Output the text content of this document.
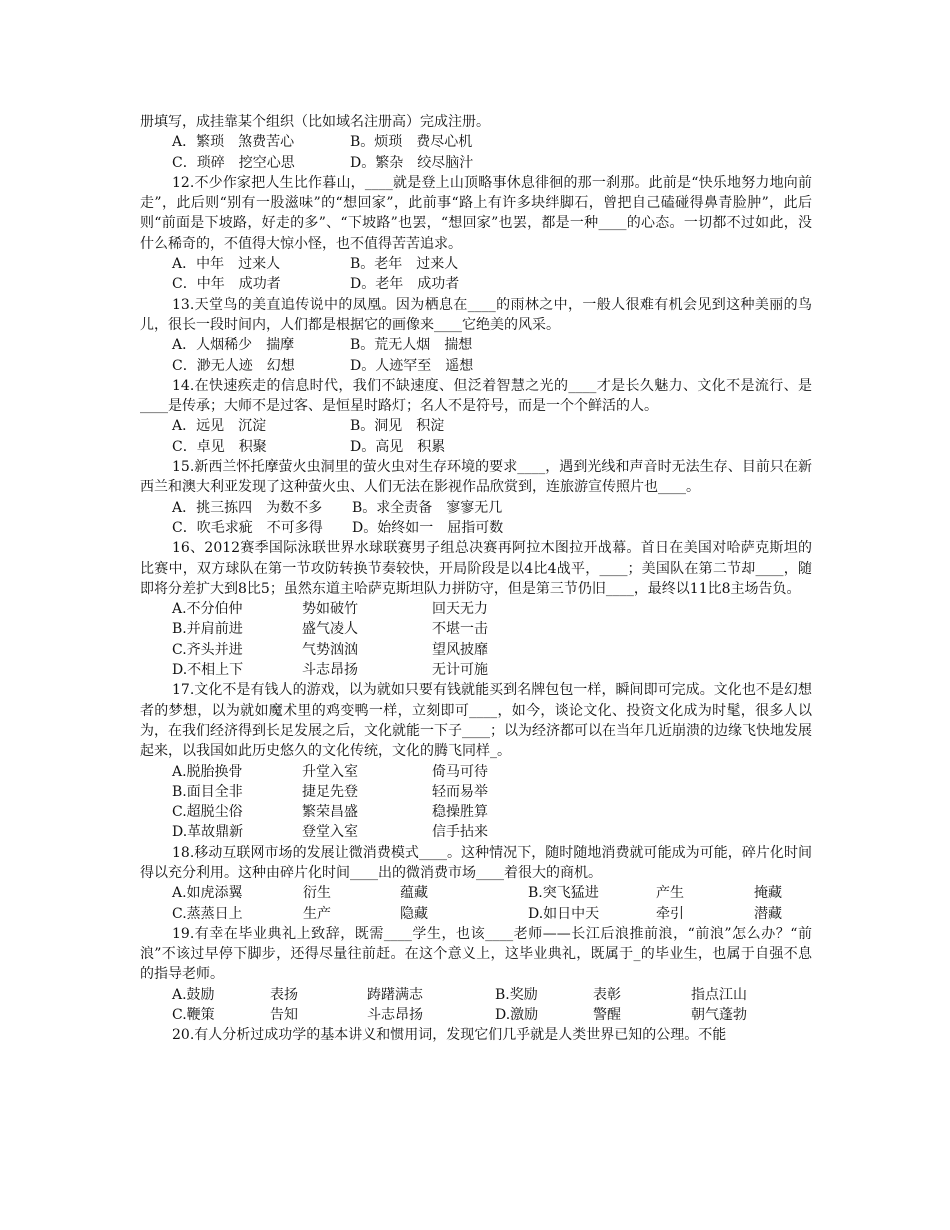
册填写，成挂靠某个组织（比如域名注册高）完成注册。

A．繁琐　煞费苦心	B。烦琐　费尽心机
C．琐碎　挖空心思	D。繁杂　绞尽脑汁

12.不少作家把人生比作暮山，____就是登上山顶略事休息徘徊的那一刹那。此前是“快乐地努力地向前走”，此后则“别有一股滋味”的“想回家”，此前事“路上有许多块绊脚石，曾把自己磕碰得鼻青脸肿”，此后则“前面是下坡路，好走的多”、“下坡路”也罢，“想回家”也罢，都是一种____的心态。一切都不过如此，没什么稀奇的，不值得大惊小怪，也不值得苦苦追求。

A．中年　过来人	B。老年　过来人
C．中年　成功者	D。老年　成功者

13.天堂鸟的美直追传说中的凤凰。因为栖息在____的雨林之中，一般人很难有机会见到这种美丽的鸟儿，很长一段时间内，人们都是根据它的画像来____它绝美的风采。

A．人烟稀少　揣摩	B。荒无人烟　揣想
C．渺无人迹　幻想	D。人迹罕至　遥想

14.在快速疾走的信息时代，我们不缺速度、但泛着智慧之光的____才是长久魅力、文化不是流行、是____是传承；大师不是过客、是恒星时路灯；名人不是符号，而是一个个鲜活的人。

A．远见　沉淀	B。洞见　积淀
C．卓见　积聚	D。高见　积累

15.新西兰怀托摩萤火虫洞里的萤火虫对生存环境的要求____，遇到光线和声音时无法生存、目前只在新西兰和澳大利亚发现了这种萤火虫、人们无法在影视作品欣赏到，连旅游宣传照片也____。

A．挑三拣四　为数不多 B。求全责备　寥寥无几
C．吹毛求疵　不可多得 D。始终如一　屈指可数

16、2012赛季国际泳联世界水球联赛男子组总决赛再阿拉木图拉开战幕。首日在美国对哈萨克斯坦的比赛中，双方球队在第一节攻防转换节奏较快，开局阶段是以4比4战平，____；美国队在第二节却____，随即将分差扩大到8比5；虽然东道主哈萨克斯坦队力拼防守，但是第三节仍旧____，最终以11比8主场告负。

A.不分伯仲	势如破竹	回天无力
B.并肩前进	盛气凌人	不堪一击
C.齐头并进	气势汹汹	望风披靡
D.不相上下	斗志昂扬	无计可施

17.文化不是有钱人的游戏，以为就如只要有钱就能买到名牌包包一样，瞬间即可完成。文化也不是幻想者的梦想，以为就如魔术里的鸡变鸭一样，立刻即可____，如今，谈论文化、投资文化成为时髦，很多人以为，在我们经济得到长足发展之后，文化就能一下子____；以为经济都可以在当年几近崩溃的边缘飞快地发展起来，以我国如此历史悠久的文化传统，文化的腾飞同样_。

A.脱胎换骨	升堂入室	倚马可待
B.面目全非	捷足先登	轻而易举
C.超脱尘俗	繁荣昌盛	稳操胜算
D.革故鼎新	登堂入室	信手拈来

18.移动互联网市场的发展让微消费模式____。这种情况下，随时随地消费就可能成为可能，碎片化时间得以充分利用。这种由碎片化时间____出的微消费市场____着很大的商机。

A.如虎添翼	衍生	蕴藏	B.突飞猛进	产生	掩藏
C.蒸蒸日上	生产	隐藏	D.如日中天	牵引	潜藏

19.有幸在毕业典礼上致辞，既需____学生，也该____老师——长江后浪推前浪，“前浪”怎么办？“前浪”不该过早停下脚步，还得尽量往前赶。在这个意义上，这毕业典礼，既属于_的毕业生，也属于自强不息的指导老师。

A.鼓励	表扬	踌躇满志	B.奖励	表彰	指点江山
C.鞭策	告知	斗志昂扬	D.激励	警醒	朝气蓬勃

20.有人分析过成功学的基本讲义和惯用词，发现它们几乎就是人类世界已知的公理。不能
